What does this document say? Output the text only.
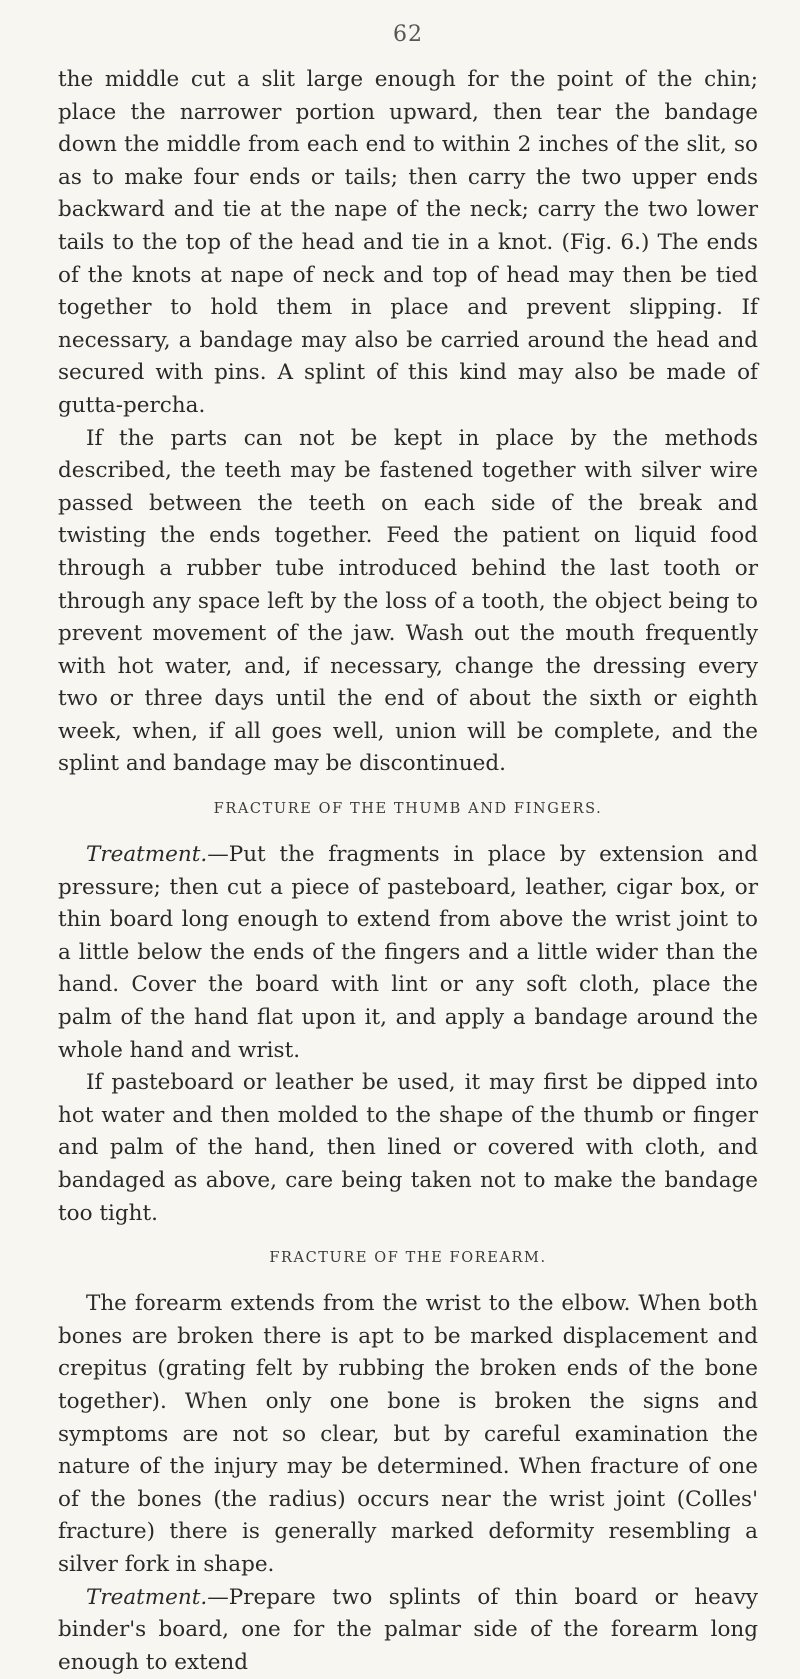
62

the middle cut a slit large enough for the point of the chin; place the narrower portion upward, then tear the bandage down the middle from each end to within 2 inches of the slit, so as to make four ends or tails; then carry the two upper ends backward and tie at the nape of the neck; carry the two lower tails to the top of the head and tie in a knot. (Fig. 6.) The ends of the knots at nape of neck and top of head may then be tied together to hold them in place and prevent slipping. If necessary, a bandage may also be carried around the head and secured with pins. A splint of this kind may also be made of gutta-percha.

If the parts can not be kept in place by the methods described, the teeth may be fastened together with silver wire passed between the teeth on each side of the break and twisting the ends together. Feed the patient on liquid food through a rubber tube introduced behind the last tooth or through any space left by the loss of a tooth, the object being to prevent movement of the jaw. Wash out the mouth frequently with hot water, and, if necessary, change the dressing every two or three days until the end of about the sixth or eighth week, when, if all goes well, union will be complete, and the splint and bandage may be discontinued.

FRACTURE OF THE THUMB AND FINGERS.

Treatment.—Put the fragments in place by extension and pressure; then cut a piece of pasteboard, leather, cigar box, or thin board long enough to extend from above the wrist joint to a little below the ends of the fingers and a little wider than the hand. Cover the board with lint or any soft cloth, place the palm of the hand flat upon it, and apply a bandage around the whole hand and wrist.

If pasteboard or leather be used, it may first be dipped into hot water and then molded to the shape of the thumb or finger and palm of the hand, then lined or covered with cloth, and bandaged as above, care being taken not to make the bandage too tight.

FRACTURE OF THE FOREARM.

The forearm extends from the wrist to the elbow. When both bones are broken there is apt to be marked displacement and crepitus (grating felt by rubbing the broken ends of the bone together). When only one bone is broken the signs and symptoms are not so clear, but by careful examination the nature of the injury may be determined. When fracture of one of the bones (the radius) occurs near the wrist joint (Colles' fracture) there is generally marked deformity resembling a silver fork in shape.

Treatment.—Prepare two splints of thin board or heavy binder's board, one for the palmar side of the forearm long enough to extend
